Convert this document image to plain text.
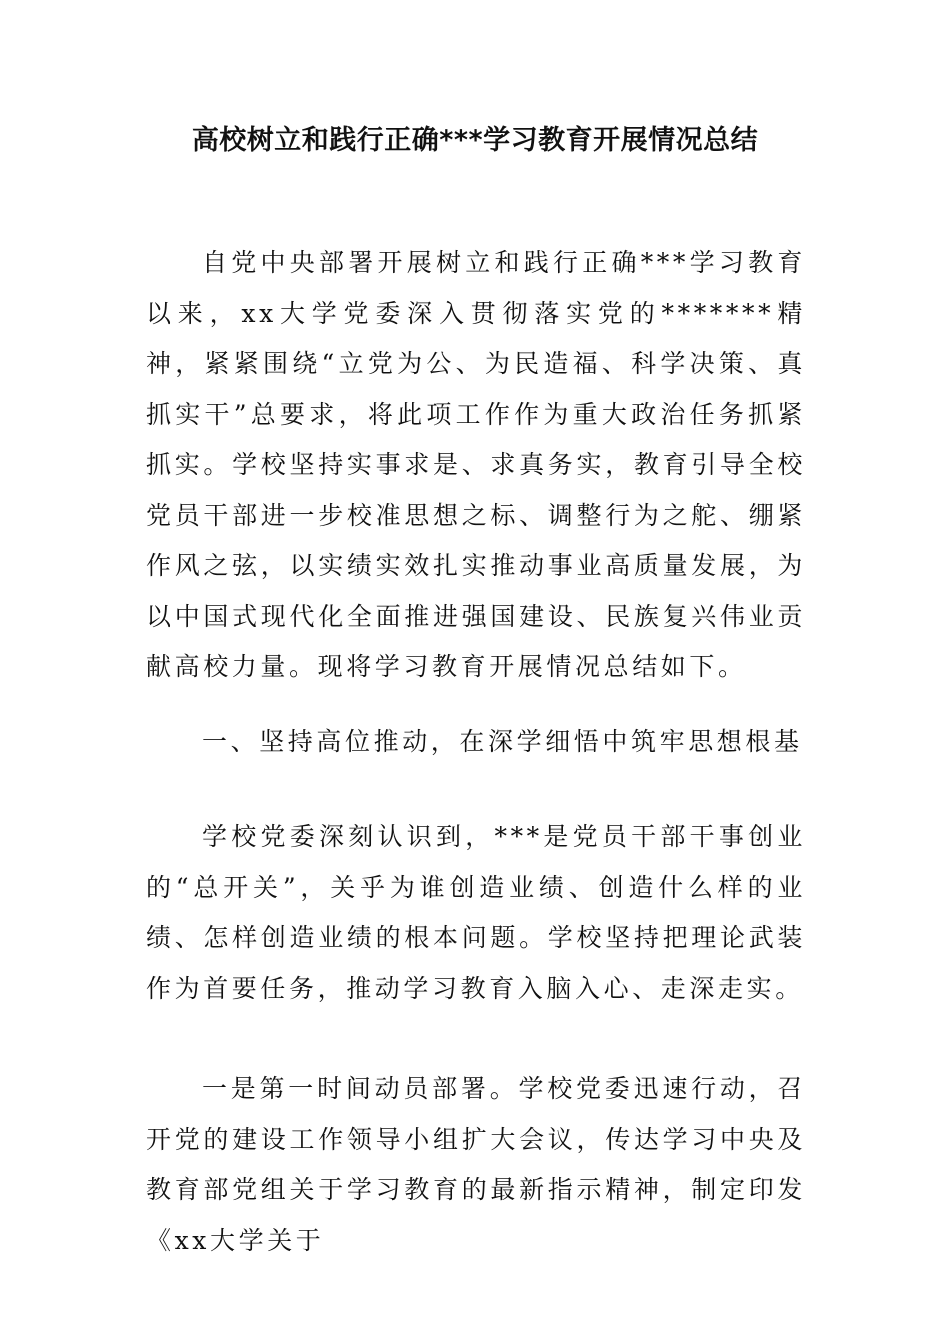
高校树立和践行正确***学习教育开展情况总结

自党中央部署开展树立和践行正确***学习教育以来，xx大学党委深入贯彻落实党的*******精神，紧紧围绕“立党为公、为民造福、科学决策、真抓实干”总要求，将此项工作作为重大政治任务抓紧抓实。学校坚持实事求是、求真务实，教育引导全校党员干部进一步校准思想之标、调整行为之舵、绷紧作风之弦，以实绩实效扎实推动事业高质量发展，为以中国式现代化全面推进强国建设、民族复兴伟业贡献高校力量。现将学习教育开展情况总结如下。

一、坚持高位推动，在深学细悟中筑牢思想根基

学校党委深刻认识到，***是党员干部干事创业的“总开关”，关乎为谁创造业绩、创造什么样的业绩、怎样创造业绩的根本问题。学校坚持把理论武装作为首要任务，推动学习教育入脑入心、走深走实。

一是第一时间动员部署。学校党委迅速行动，召开党的建设工作领导小组扩大会议，传达学习中央及教育部党组关于学习教育的最新指示精神，制定印发《xx大学关于
